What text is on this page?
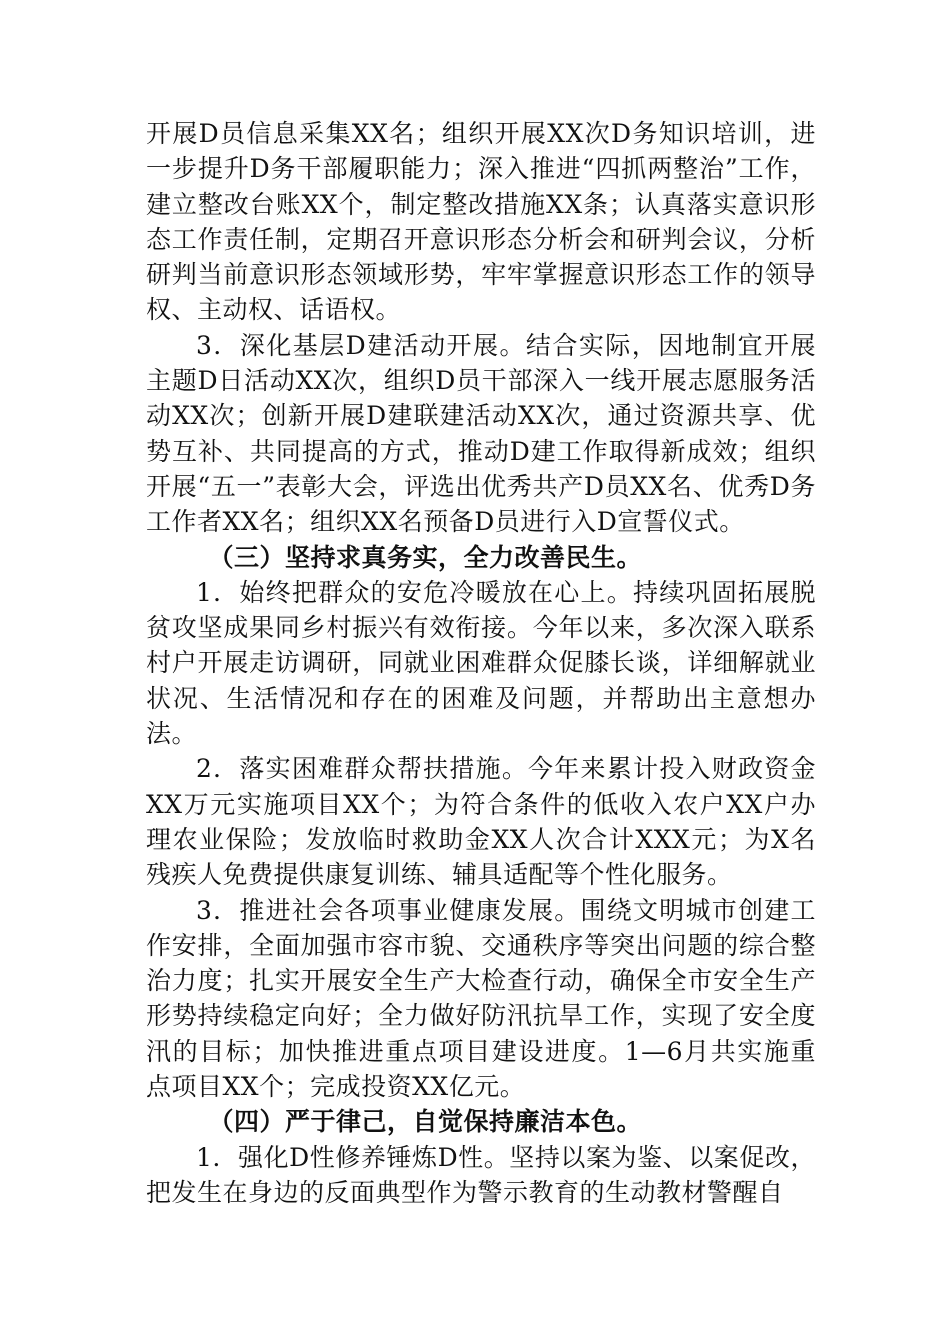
开展D员信息采集XX名；组织开展XX次D务知识培训，进一步提升D务干部履职能力；深入推进“四抓两整治”工作，建立整改台账XX个，制定整改措施XX条；认真落实意识形态工作责任制，定期召开意识形态分析会和研判会议，分析研判当前意识形态领域形势，牢牢掌握意识形态工作的领导权、主动权、话语权。

3．深化基层D建活动开展。结合实际，因地制宜开展主题D日活动XX次，组织D员干部深入一线开展志愿服务活动XX次；创新开展D建联建活动XX次，通过资源共享、优势互补、共同提高的方式，推动D建工作取得新成效；组织开展“五一”表彰大会，评选出优秀共产D员XX名、优秀D务工作者XX名；组织XX名预备D员进行入D宣誓仪式。

（三）坚持求真务实，全力改善民生。

1．始终把群众的安危冷暖放在心上。持续巩固拓展脱贫攻坚成果同乡村振兴有效衔接。今年以来，多次深入联系村户开展走访调研，同就业困难群众促膝长谈，详细解就业状况、生活情况和存在的困难及问题，并帮助出主意想办法。

2．落实困难群众帮扶措施。今年来累计投入财政资金XX万元实施项目XX个；为符合条件的低收入农户XX户办理农业保险；发放临时救助金XX人次合计XXX元；为X名残疾人免费提供康复训练、辅具适配等个性化服务。

3．推进社会各项事业健康发展。围绕文明城市创建工作安排，全面加强市容市貌、交通秩序等突出问题的综合整治力度；扎实开展安全生产大检查行动，确保全市安全生产形势持续稳定向好；全力做好防汛抗旱工作，实现了安全度汛的目标；加快推进重点项目建设进度。1—6月共实施重点项目XX个；完成投资XX亿元。

（四）严于律己，自觉保持廉洁本色。

1．强化D性修养锤炼D性。坚持以案为鉴、以案促改，把发生在身边的反面典型作为警示教育的生动教材警醒自
